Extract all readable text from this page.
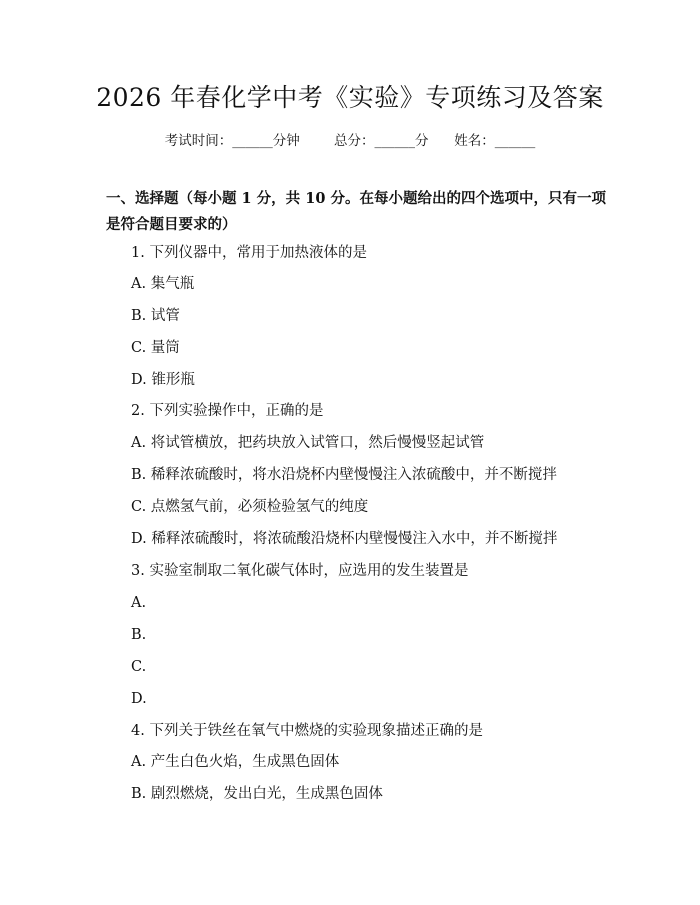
2026 年春化学中考《实验》专项练习及答案
考试时间：______分钟	总分：______分 姓名：______
一、选择题（每小题 1 分，共 10 分。在每小题给出的四个选项中，只有一项是符合题目要求的）
1. 下列仪器中，常用于加热液体的是
A. 集气瓶
B. 试管
C. 量筒
D. 锥形瓶
2. 下列实验操作中，正确的是
A. 将试管横放，把药块放入试管口，然后慢慢竖起试管
B. 稀释浓硫酸时，将水沿烧杯内壁慢慢注入浓硫酸中，并不断搅拌
C. 点燃氢气前，必须检验氢气的纯度
D. 稀释浓硫酸时，将浓硫酸沿烧杯内壁慢慢注入水中，并不断搅拌
3. 实验室制取二氧化碳气体时，应选用的发生装置是
A.
B.
C.
D.
4. 下列关于铁丝在氧气中燃烧的实验现象描述正确的是
A. 产生白色火焰，生成黑色固体
B. 剧烈燃烧，发出白光，生成黑色固体
